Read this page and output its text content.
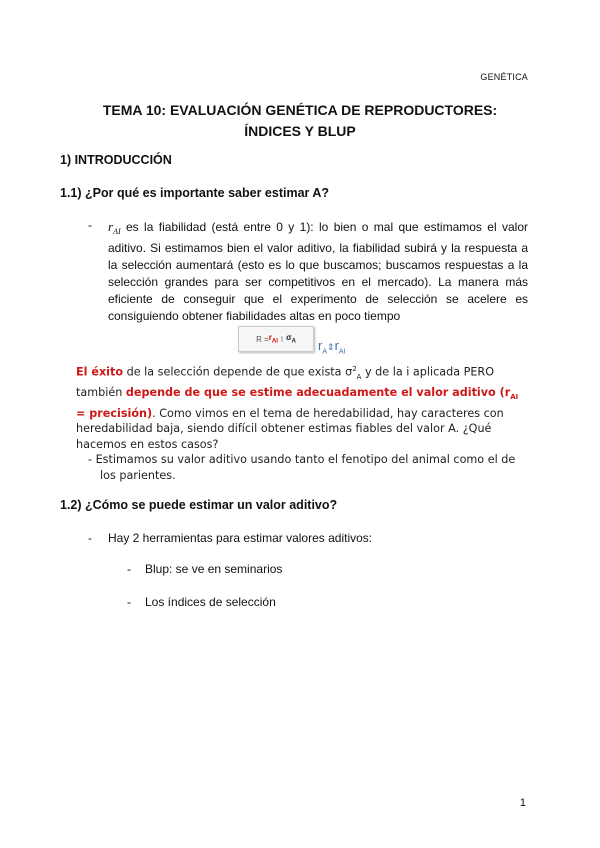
GENÉTICA
TEMA 10: EVALUACIÓN GENÉTICA DE REPRODUCTORES:
ÍNDICES Y BLUP
1) INTRODUCCIÓN
1.1) ¿Por qué es importante saber estimar A?
- $r_{AI}$ es la fiabilidad (está entre 0 y 1): lo bien o mal que estimamos el valor aditivo. Si estimamos bien el valor aditivo, la fiabilidad subirá y la respuesta a la selección aumentará (esto es lo que buscamos; buscamos respuestas a la selección grandes para ser competitivos en el mercado). La manera más eficiente de conseguir que el experimento de selección se acelere es consiguiendo obtener fiabilidades altas en poco tiempo
$R = r_{AI}$ I $\sigma_A$ $r_A⇕r_{AI}$

El éxito de la selección depende de que exista $\sigma^2_A$ y de la i aplicada PERO también depende de que se estime adecuadamente el valor aditivo ($r_{AI}$ = precisión). Como vimos en el tema de heredabilidad, hay caracteres con heredabilidad baja, siendo difícil obtener estimas fiables del valor A. ¿Qué hacemos en estos casos?

- Estimamos su valor aditivo usando tanto el fenotipo del animal como el de los parientes.

1.2) ¿Cómo se puede estimar un valor aditivo?
- Hay 2 herramientas para estimar valores aditivos:
- Blup: se ve en seminarios
- Los índices de selección
1
